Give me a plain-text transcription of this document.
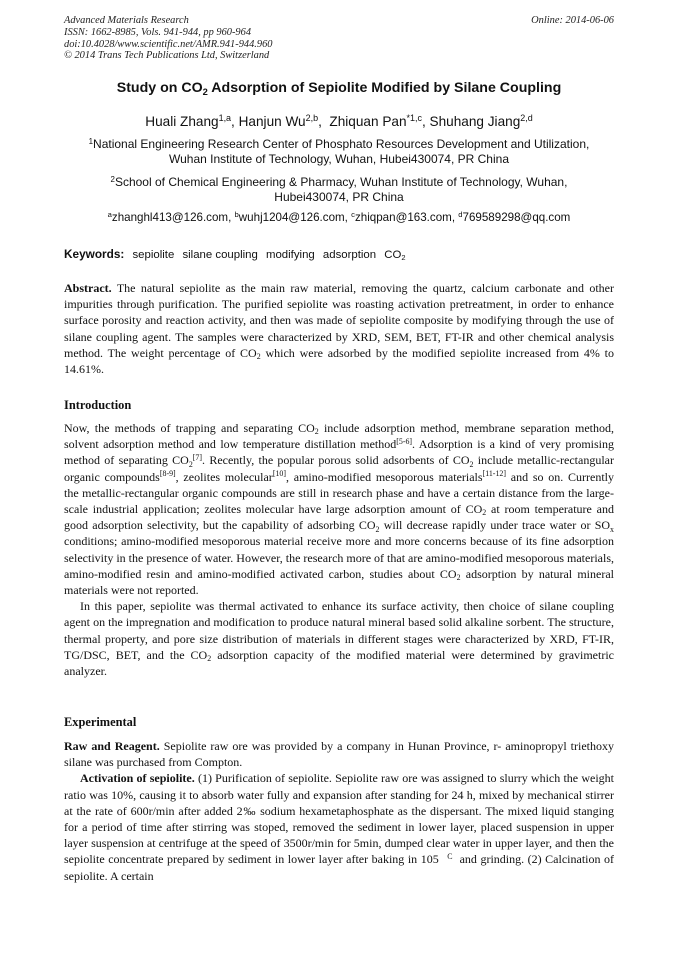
Advanced Materials Research
ISSN: 1662-8985, Vols. 941-944, pp 960-964
doi:10.4028/www.scientific.net/AMR.941-944.960
© 2014 Trans Tech Publications Ltd, Switzerland
Online: 2014-06-06
Study on $CO_2$ Adsorption of Sepiolite Modified by Silane Coupling
Huali Zhang$^{1,a}$, Hanjun Wu$^{2,b}$,  Zhiquan Pan$^{*1,c}$, Shuhang Jiang$^{2,d}$
$^1$National Engineering Research Center of Phosphato Resources Development and Utilization,
Wuhan Institute of Technology, Wuhan, Hubei430074, PR China
$^2$School of Chemical Engineering & Pharmacy, Wuhan Institute of Technology, Wuhan,
Hubei430074, PR China
$^a$zhanghl413@126.com, $^b$wuhj1204@126.com, $^c$zhiqpan@163.com, $^d$769589298@qq.com
Keywords: sepiolite silane coupling modifying adsorption $CO_2$

Abstract. The natural sepiolite as the main raw material, removing the quartz, calcium carbonate and other impurities through purification. The purified sepiolite was roasting activation pretreatment, in order to enhance surface porosity and reaction activity, and then was made of sepiolite composite by modifying through the use of silane coupling agent. The samples were characterized by XRD, SEM, BET, FT-IR and other chemical analysis method. The weight percentage of $CO_2$ which were adsorbed by the modified sepiolite increased from 4% to 14.61%.

Introduction

Now, the methods of trapping and separating $CO_2$ include adsorption method, membrane separation method, solvent adsorption method and low temperature distillation method[5-6]. Adsorption is a kind of very promising method of separating $CO_2[7]$. Recently, the popular porous solid adsorbents of $CO_2$ include metallic-rectangular organic compounds[8-9], zeolites molecular[10], amino-modified mesoporous materials[11-12] and so on. Currently the metallic-rectangular organic compounds are still in research phase and have a certain distance from the large-scale industrial application; zeolites molecular have large adsorption amount of $CO_2$ at room temperature and good adsorption selectivity, but the capability of adsorbing $CO_2$ will decrease rapidly under trace water or $SO_x$ conditions; amino-modified mesoporous material receive more and more concerns because of its fine adsorption selectivity in the presence of water. However, the research more of that are amino-modified mesoporous materials, amino-modified resin and amino-modified activated carbon, studies about $CO_2$ adsorption by natural mineral materials were not reported.

In this paper, sepiolite was thermal activated to enhance its surface activity, then choice of silane coupling agent on the impregnation and modification to produce natural mineral based solid alkaline sorbent. The structure, thermal property, and pore size distribution of materials in different stages were characterized by XRD, FT-IR, TG/DSC, BET, and the $CO_2$ adsorption capacity of the modified material were determined by gravimetric analyzer.

Experimental

Raw and Reagent. Sepiolite raw ore was provided by a company in Hunan Province, r- aminopropyl triethoxy silane was purchased from Compton.

Activation of sepiolite. (1) Purification of sepiolite. Sepiolite raw ore was assigned to slurry which the weight ratio was 10%, causing it to absorb water fully and expansion after standing for 24 h, mixed by mechanical stirrer at the rate of 600r/min after added 2‰ sodium hexametaphosphate as the dispersant. The mixed liquid stanging for a period of time after stirring was stoped, removed the sediment in lower layer, placed suspension in upper layer suspension at centrifuge at the speed of 3500r/min for 5min, dumped clear water in upper layer, and then the sepiolite concentrate prepared by sediment in lower layer after baking in 105   $^C$  and grinding. (2) Calcination of sepiolite. A certain
